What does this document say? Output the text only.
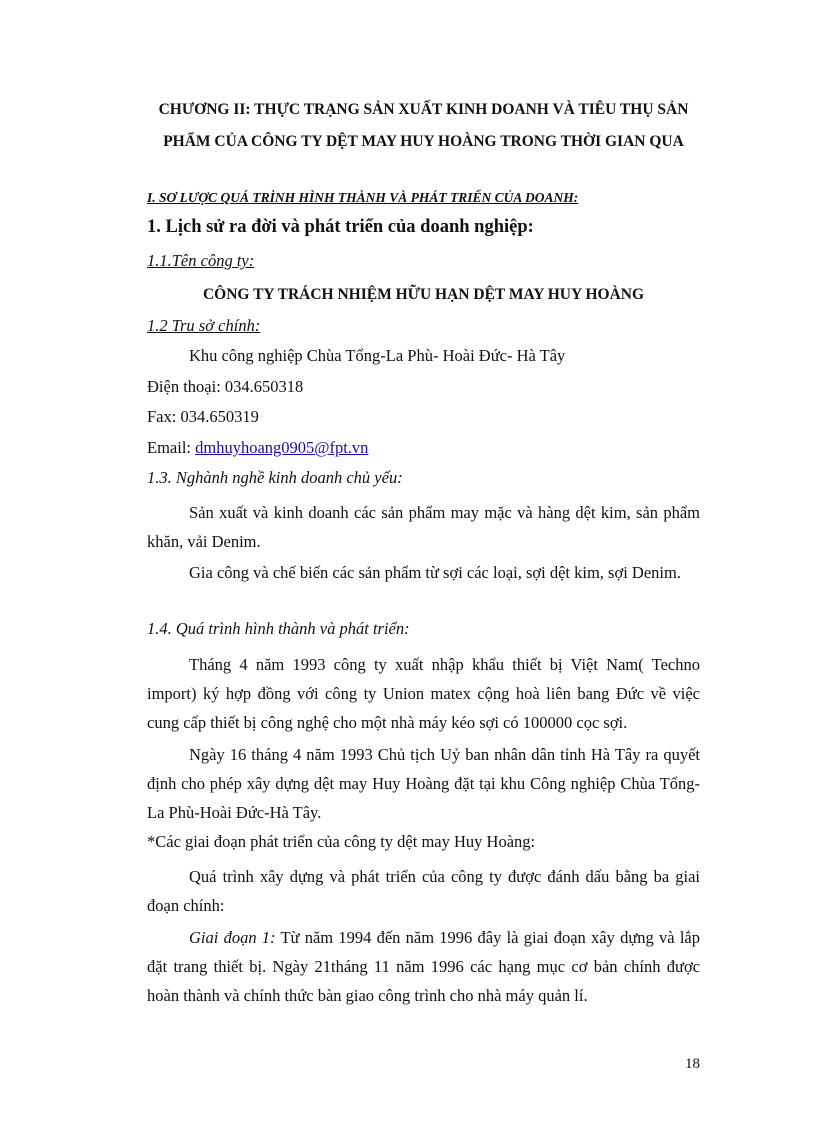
CHƯƠNG II: THỰC TRẠNG SẢN XUẤT KINH DOANH VÀ TIÊU THỤ SẢN
PHẨM CỦA CÔNG TY DỆT MAY HUY HOÀNG TRONG THỜI GIAN QUA

I. SƠ LƯỢC QUÁ TRÌNH HÌNH THÀNH VÀ PHÁT TRIỂN CỦA DOANH:

1. Lịch sử ra đời và phát triển của doanh nghiệp:

1.1.Tên công ty:

CÔNG TY TRÁCH NHIỆM HỮU HẠN DỆT MAY HUY HOÀNG

1.2 Tru sở chính:

Khu công nghiệp Chùa Tổng-La Phù- Hoài Đức- Hà Tây

Điện thoại: 034.650318

Fax: 034.650319

Email: dmhuyhoang0905@fpt.vn

1.3. Nghành nghề kinh doanh chủ yếu:

Sản xuất và kinh doanh các sản phẩm may mặc và hàng dệt kim, sản phẩm khăn, vải Denim.

Gia công và chế biến các sản phẩm từ sợi các loại, sợi dệt kim, sợi Denim.

1.4. Quá trình hình thành và phát triển:

Tháng 4 năm 1993 công ty xuất nhập khẩu thiết bị Việt Nam( Techno import) ký hợp đồng với công ty Union matex cộng hoà liên bang Đức về việc cung cấp thiết bị công nghệ cho một nhà máy kéo sợi có 100000 cọc sợi.

Ngày 16 tháng 4 năm 1993 Chủ tịch Uỷ ban nhân dân tỉnh Hà Tây ra quyết định cho phép xây dựng dệt may Huy Hoàng đặt tại khu Công nghiệp Chùa Tổng-La Phù-Hoài Đức-Hà Tây.

*Các giai đoạn phát triển của công ty dệt may Huy Hoàng:

Quá trình xây dựng và phát triển của công ty được đánh dấu bằng ba giai đoạn chính:

Giai đoạn 1: Từ năm 1994 đến năm 1996 đây là giai đoạn xây dựng và lắp đặt trang thiết bị. Ngày 21tháng 11 năm 1996 các hạng mục cơ bản chính được hoàn thành và chính thức bàn giao công trình cho nhà máy quản lí.

18
